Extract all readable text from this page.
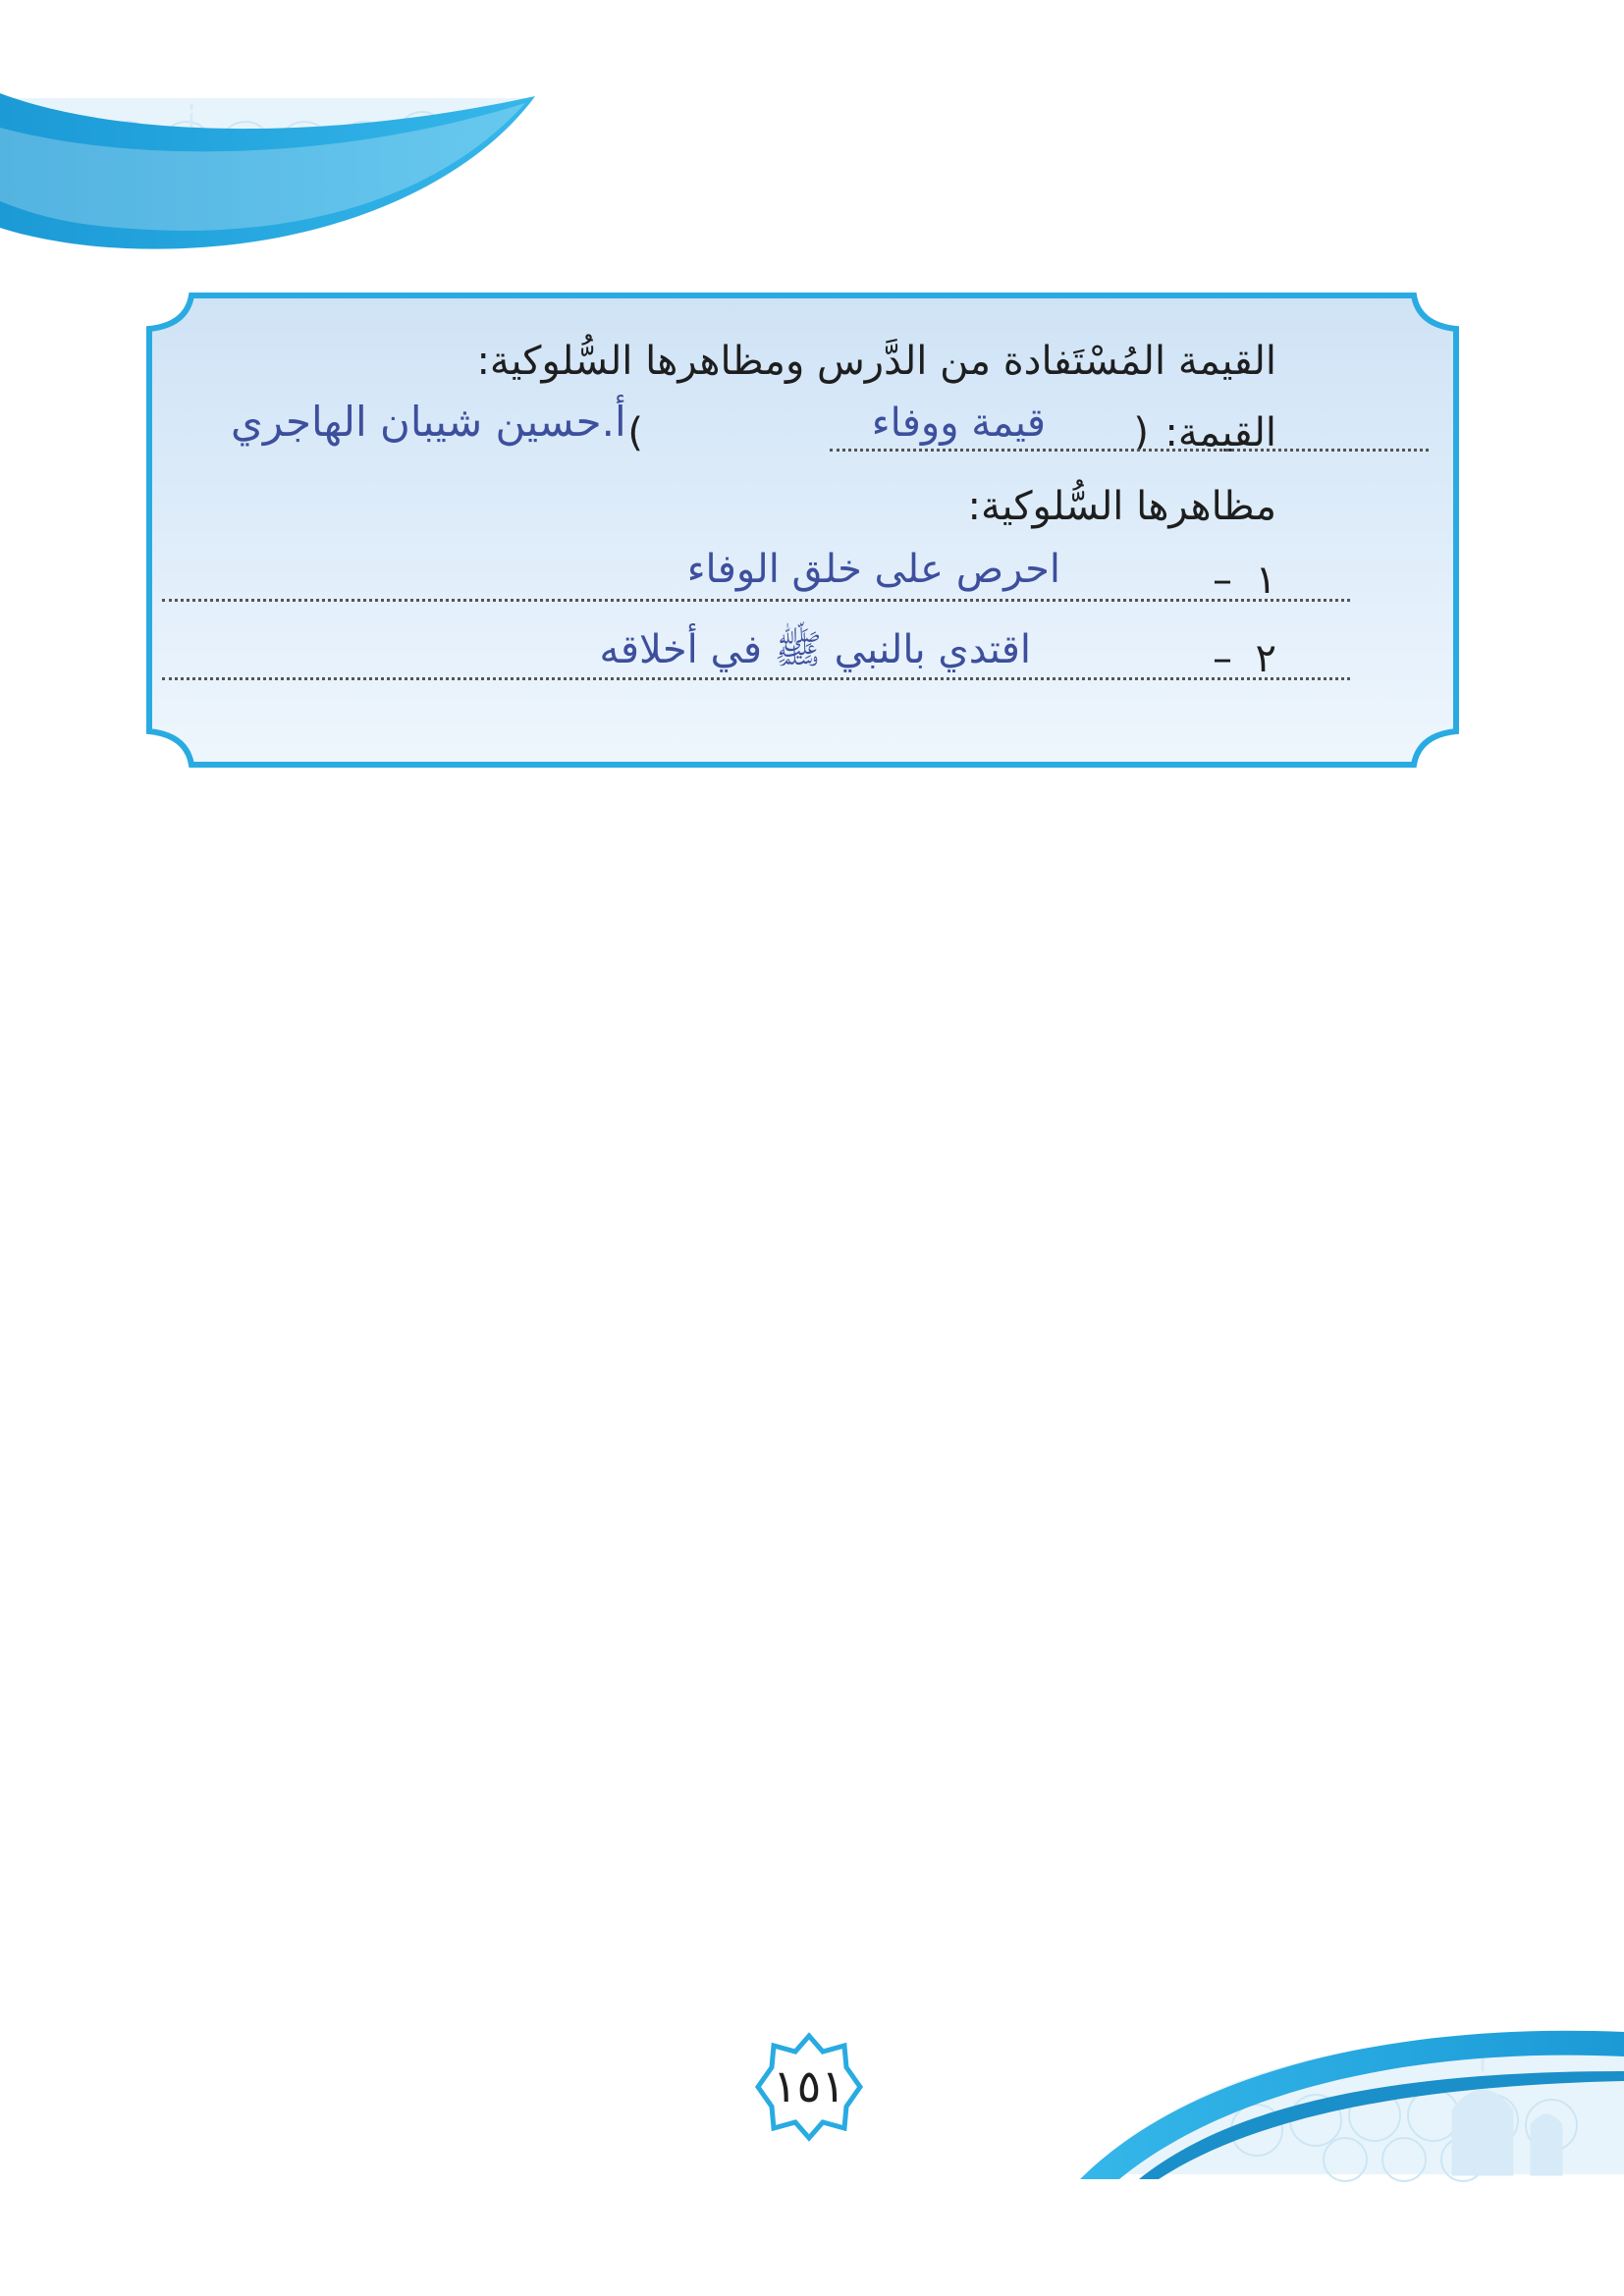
القيمة المُسْتَفادة من الدَّرس ومظاهرها السُّلوكية:
أ.حسين شيبان الهاجري	القيمة:
(
)	قيمة ووفاء
مظاهرها السُّلوكية:
١
–
احرص على خلق الوفاء
٢
–
اقتدي بالنبي ﷺ في أخلاقه
١٥١
